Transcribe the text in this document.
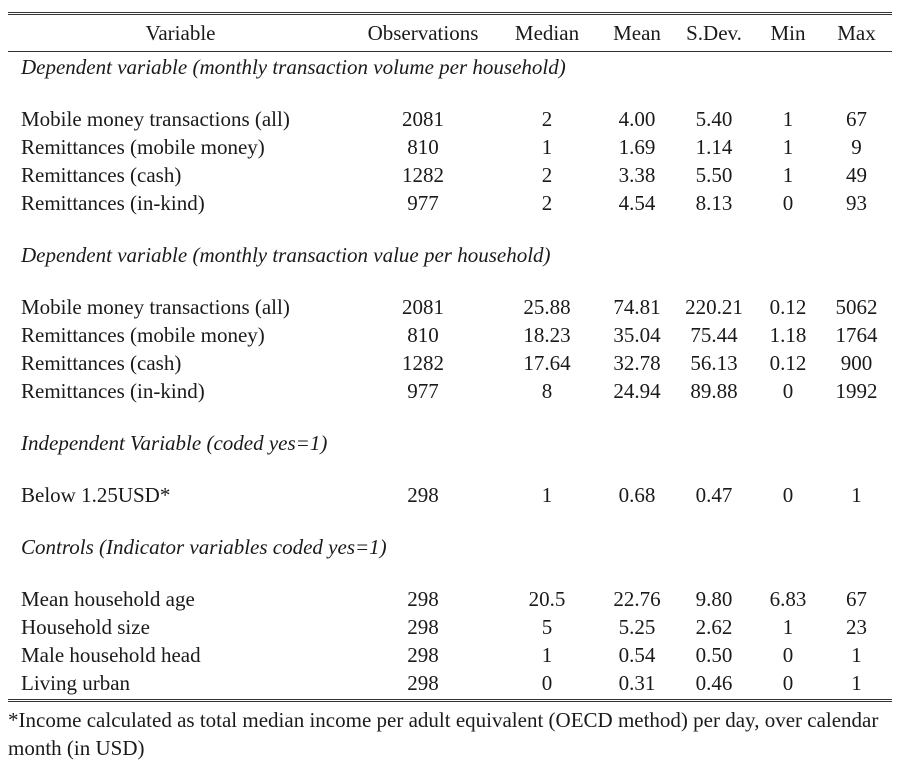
Variable	Observations	Median	Mean	S.Dev.	Min	Max
Dependent variable (monthly transaction volume per household)						

Mobile money transactions (all)	2081	2	4.00	5.40	1	67
Remittances (mobile money)	810	1	1.69	1.14	1	9
Remittances (cash)	1282	2	3.38	5.50	1	49
Remittances (in-kind)	977	2	4.54	8.13	0	93

Dependent variable (monthly transaction value per household)						

Mobile money transactions (all)	2081	25.88	74.81	220.21	0.12	5062
Remittances (mobile money)	810	18.23	35.04	75.44	1.18	1764
Remittances (cash)	1282	17.64	32.78	56.13	0.12	900
Remittances (in-kind)	977	8	24.94	89.88	0	1992

Independent Variable (coded yes=1)						

Below 1.25USD*	298	1	0.68	0.47	0	1

Controls (Indicator variables coded yes=1)						

Mean household age	298	20.5	22.76	9.80	6.83	67
Household size	298	5	5.25	2.62	1	23
Male household head	298	1	0.54	0.50	0	1
Living urban	298	0	0.31	0.46	0	1
*Income calculated as total median income per adult equivalent (OECD method) per day, over calendar month (in USD)
